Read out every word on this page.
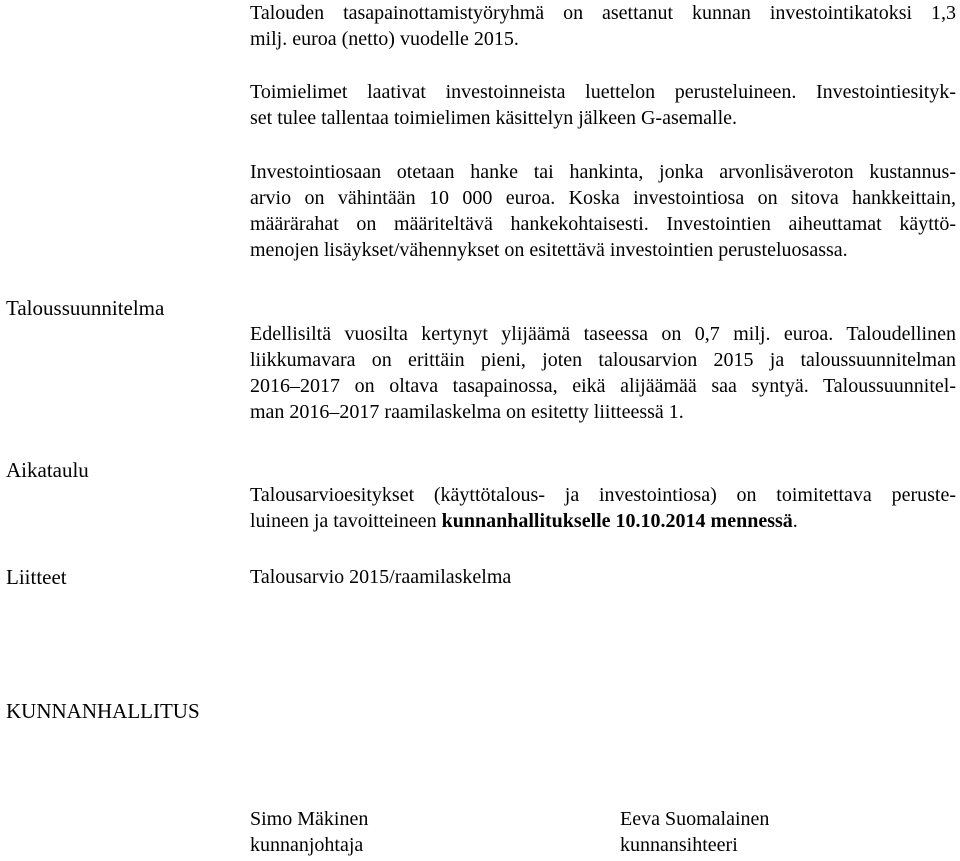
Talouden tasapainottamistyöryhmä on asettanut kunnan investointikatoksi 1,3
milj. euroa (netto) vuodelle 2015.
Toimielimet laativat investoinneista luettelon perusteluineen. Investointiesityk-
set tulee tallentaa toimielimen käsittelyn jälkeen G-asemalle.
Investointiosaan otetaan hanke tai hankinta, jonka arvonlisäveroton kustannus-
arvio on vähintään 10 000 euroa. Koska investointiosa on sitova hankkeittain,
määrärahat on määriteltävä hankekohtaisesti. Investointien aiheuttamat käyttö-
menojen lisäykset/vähennykset on esitettävä investointien perusteluosassa.
Taloussuunnitelma
Edellisiltä vuosilta kertynyt ylijäämä taseessa on 0,7 milj. euroa. Taloudellinen
liikkumavara on erittäin pieni, joten talousarvion 2015 ja taloussuunnitelman
2016–2017 on oltava tasapainossa, eikä alijäämää saa syntyä. Taloussuunnitel-
man 2016–2017 raamilaskelma on esitetty liitteessä 1.
Aikataulu
Talousarvioesitykset (käyttötalous- ja investointiosa) on toimitettava peruste-
luineen ja tavoitteineen kunnanhallitukselle 10.10.2014 mennessä.
Liitteet	Talousarvio 2015/raamilaskelma
KUNNANHALLITUS
Simo Mäkinen
kunnanjohtaja
Eeva Suomalainen
kunnansihteeri
